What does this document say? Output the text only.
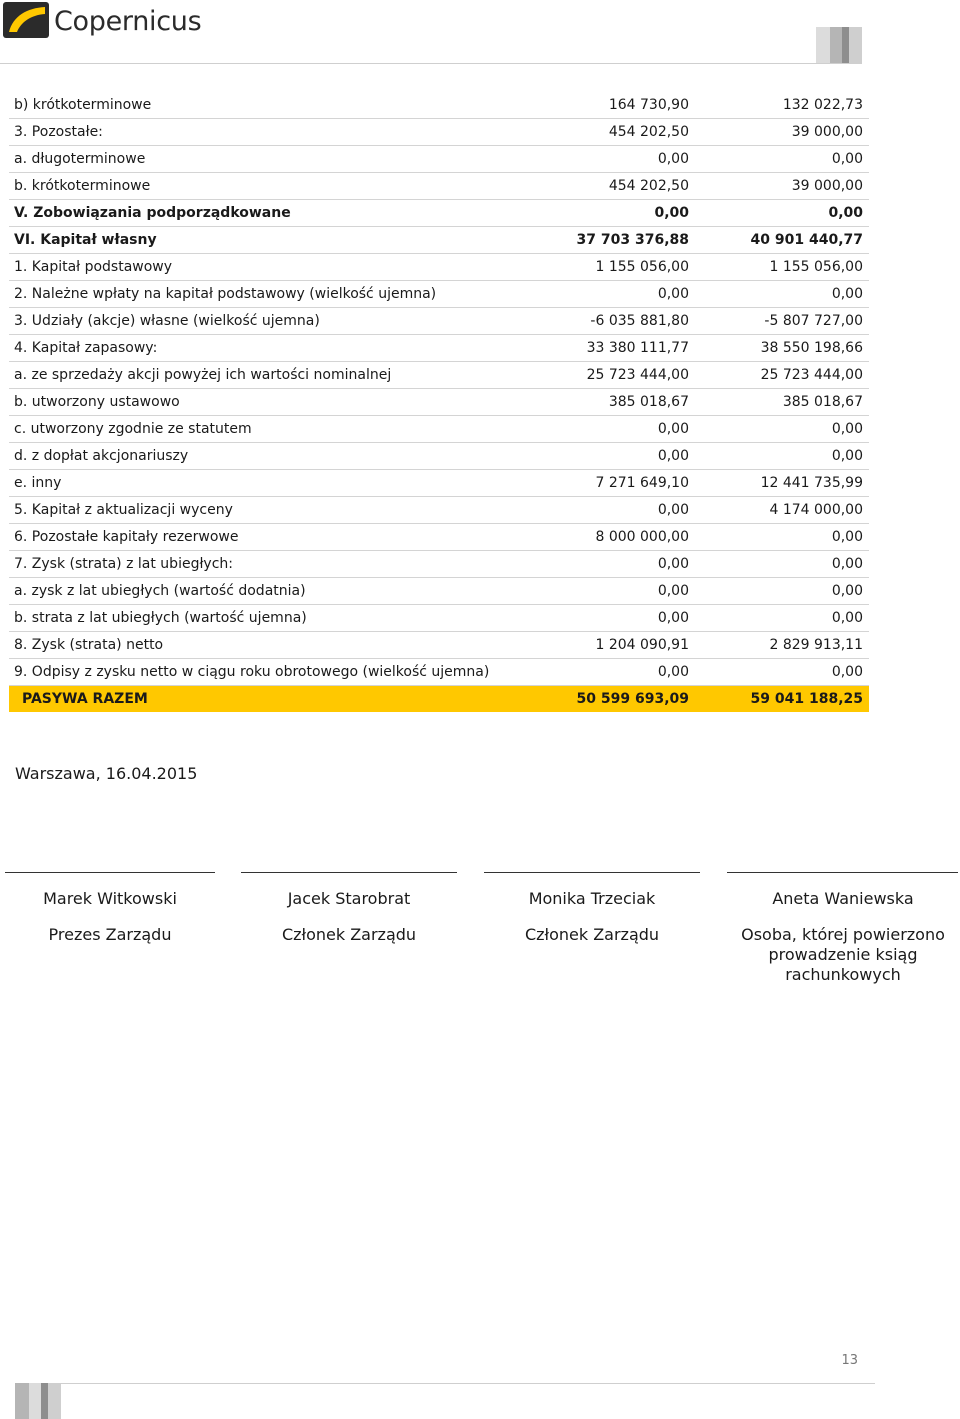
Copernicus
b) krótkoterminowe	164 730,90	132 022,73
3. Pozostałe:	454 202,50	39 000,00
a. długoterminowe	0,00	0,00
b. krótkoterminowe	454 202,50	39 000,00
V. Zobowiązania podporządkowane	0,00	0,00
VI. Kapitał własny	37 703 376,88	40 901 440,77
1. Kapitał podstawowy	1 155 056,00	1 155 056,00
2. Należne wpłaty na kapitał podstawowy (wielkość ujemna)	0,00	0,00
3. Udziały (akcje) własne (wielkość ujemna)	-6 035 881,80	-5 807 727,00
4. Kapitał zapasowy:	33 380 111,77	38 550 198,66
a. ze sprzedaży akcji powyżej ich wartości nominalnej	25 723 444,00	25 723 444,00
b. utworzony ustawowo	385 018,67	385 018,67
c. utworzony zgodnie ze statutem	0,00	0,00
d. z dopłat akcjonariuszy	0,00	0,00
e. inny	7 271 649,10	12 441 735,99
5. Kapitał z aktualizacji wyceny	0,00	4 174 000,00
6. Pozostałe kapitały rezerwowe	8 000 000,00	0,00
7. Zysk (strata) z lat ubiegłych:	0,00	0,00
a. zysk z lat ubiegłych (wartość dodatnia)	0,00	0,00
b. strata z lat ubiegłych (wartość ujemna)	0,00	0,00
8. Zysk (strata) netto	1 204 090,91	2 829 913,11
9. Odpisy z zysku netto w ciągu roku obrotowego (wielkość ujemna)	0,00	0,00
PASYWA RAZEM	50 599 693,09	59 041 188,25
Warszawa, 16.04.2015
Marek Witkowski
Prezes Zarządu
Jacek Starobrat
Członek Zarządu
Monika Trzeciak
Członek Zarządu
Aneta Waniewska
Osoba, której powierzono prowadzenie ksiąg rachunkowych
13
